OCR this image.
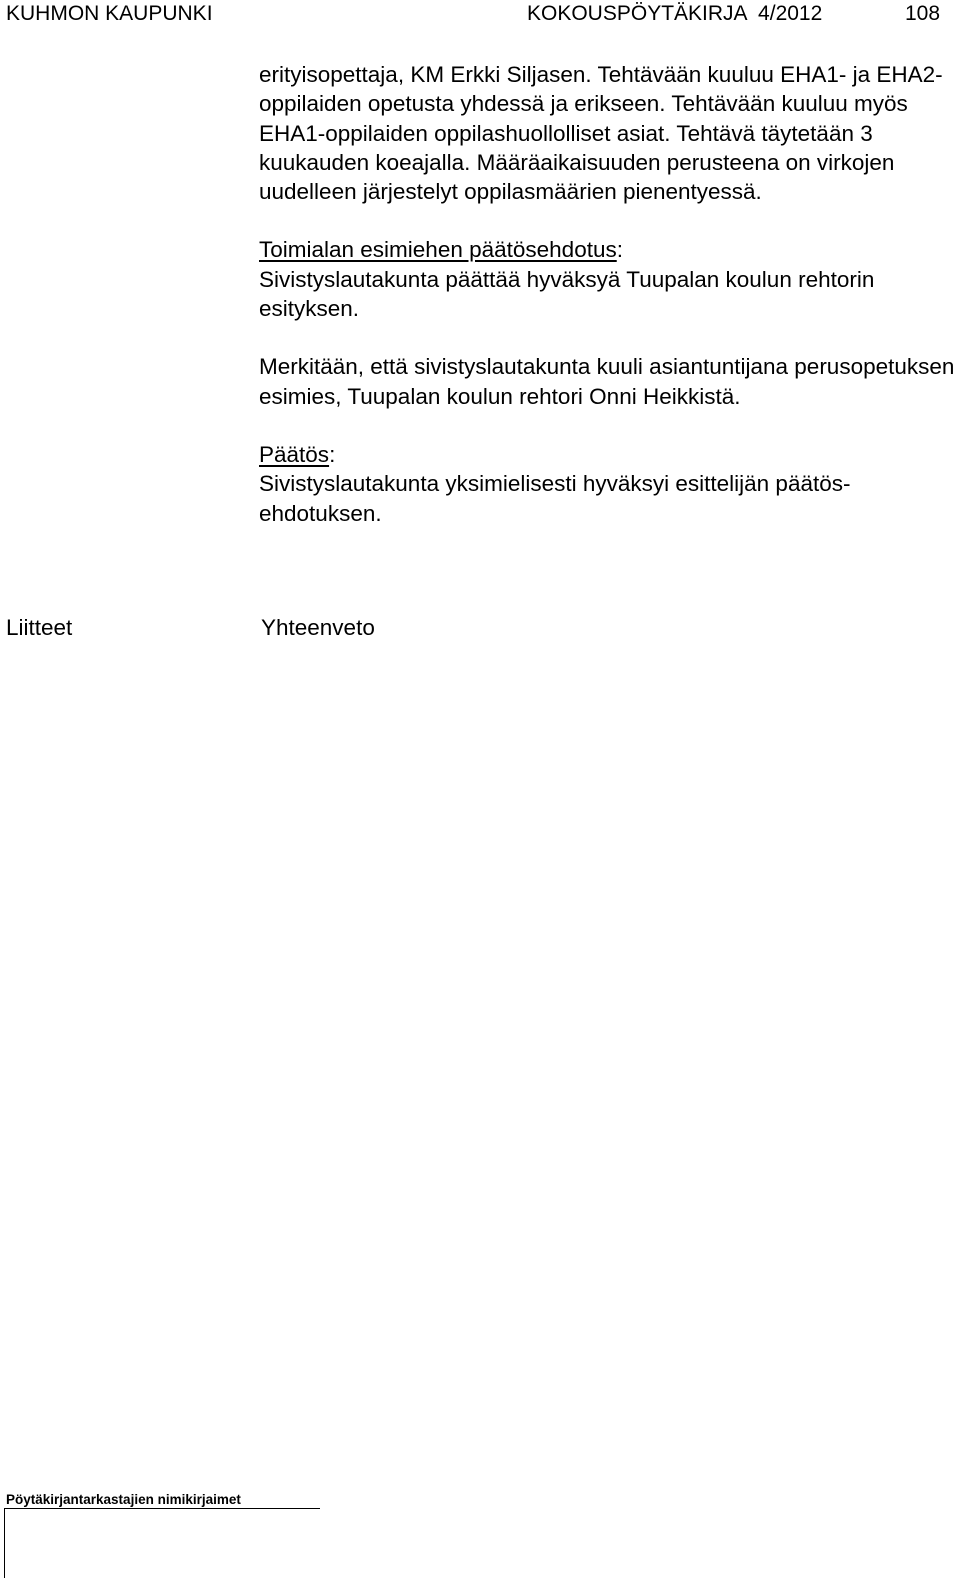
KUHMON KAUPUNKI	KOKOUSPÖYTÄKIRJA  4/2012	108

erityisopettaja, KM Erkki Siljasen. Tehtävään kuuluu EHA1- ja EHA2-oppilaiden opetusta yhdessä ja erikseen. Tehtävään kuuluu myös EHA1-oppilaiden oppilashuollolliset asiat. Tehtävä täytetään 3 kuukauden koeajalla. Määräaikaisuuden perusteena on virkojen uudelleen järjestelyt oppilasmäärien pienentyessä.

Toimialan esimiehen päätösehdotus:
Sivistyslautakunta päättää hyväksyä Tuupalan koulun rehtorin esityksen.

Merkitään, että sivistyslautakunta kuuli asiantuntijana perusopetuksen esimies, Tuupalan koulun rehtori Onni Heikkistä.

Päätös:
Sivistyslautakunta yksimielisesti hyväksyi esittelijän päätös-
ehdotuksen.

Liitteet	Yhteenveto
Pöytäkirjantarkastajien nimikirjaimet
